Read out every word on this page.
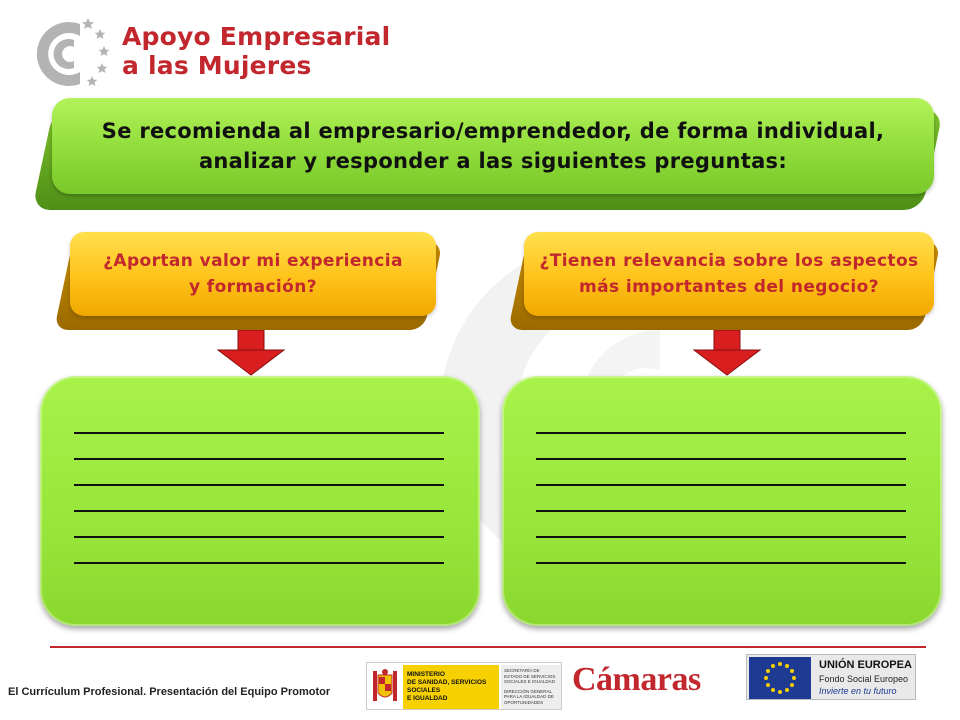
Apoyo Empresarial
a las Mujeres
Se recomienda al empresario/emprendedor, de forma individual,
analizar y responder a las siguientes preguntas:
¿Aportan valor mi experiencia
y formación?
¿Tienen relevancia sobre los aspectos
más importantes del negocio?
El Currículum Profesional. Presentación del Equipo Promotor
MINISTERIO
DE SANIDAD, SERVICIOS SOCIALES
E IGUALDAD
SECRETARÍA DE ESTADO DE SERVICIOS SOCIALES E IGUALDAD
DIRECCIÓN GENERAL PARA LA IGUALDAD DE OPORTUNIDADES
Cámaras	UNIÓN EUROPEA
Fondo Social Europeo
Invierte en tu futuro
